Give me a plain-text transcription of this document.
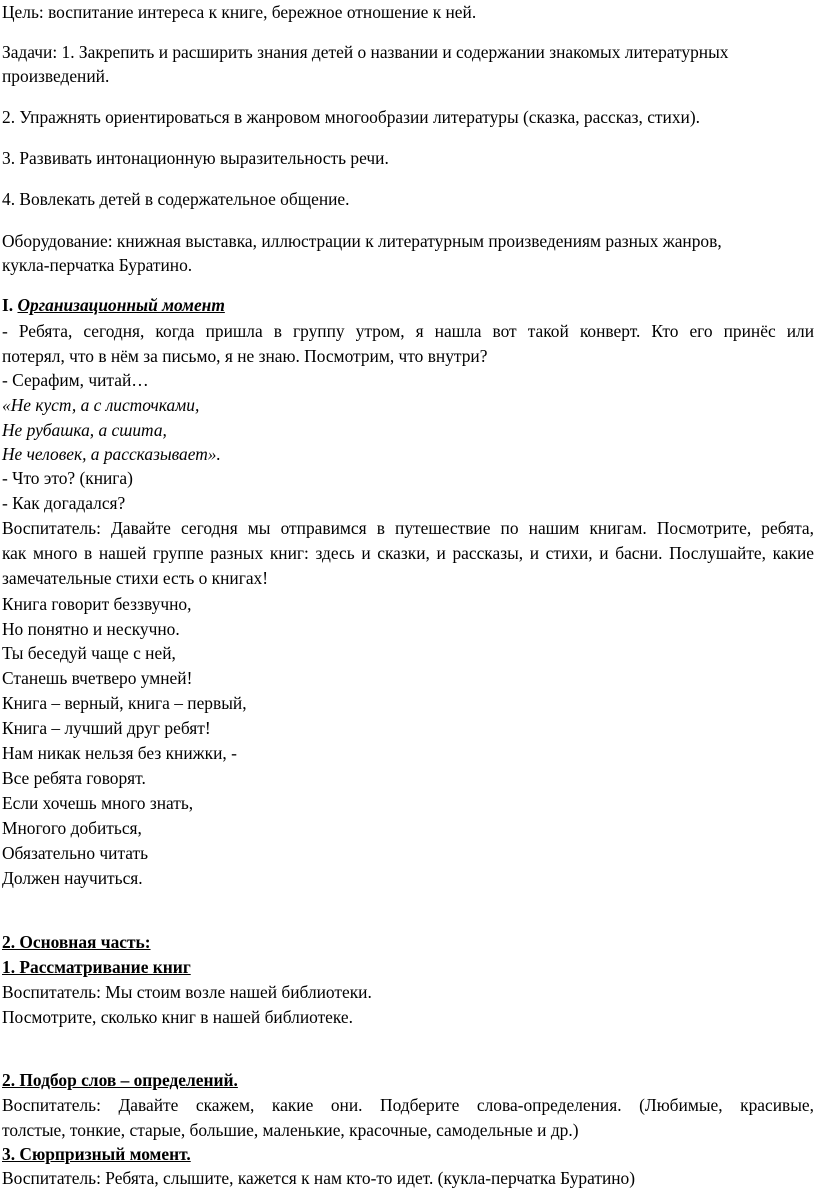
Цель: воспитание интереса к книге, бережное отношение к ней.
Задачи: 1. Закрепить и расширить знания детей о названии и содержании знакомых литературных
произведений.
2. Упражнять ориентироваться в жанровом многообразии литературы (сказка, рассказ, стихи).
3. Развивать интонационную выразительность речи.
4. Вовлекать детей в содержательное общение.
Оборудование: книжная выставка, иллюстрации к литературным произведениям разных жанров,
кукла-перчатка Буратино.
I. Организационный момент
- Ребята, сегодня, когда пришла в группу утром, я нашла вот такой конверт. Кто его принёс или
потерял, что в нём за письмо, я не знаю. Посмотрим, что внутри?
- Серафим, читай…
«Не куст, а с листочками,
Не рубашка, а сшита,
Не человек, а рассказывает».
- Что это? (книга)
- Как догадался?
Воспитатель: Давайте сегодня мы отправимся в путешествие по нашим книгам. Посмотрите, ребята,
как много в нашей группе разных книг: здесь и сказки, и рассказы, и стихи, и басни. Послушайте, какие
замечательные стихи есть о книгах!
Книга говорит беззвучно,
Но понятно и нескучно.
Ты беседуй чаще с ней,
Станешь вчетверо умней!
Книга – верный, книга – первый,
Книга – лучший друг ребят!
Нам никак нельзя без книжки, -
Все ребята говорят.
Если хочешь много знать,
Многого добиться,
Обязательно читать
Должен научиться.
2. Основная часть:
1. Рассматривание книг
Воспитатель: Мы стоим возле нашей библиотеки.
Посмотрите, сколько книг в нашей библиотеке.
2. Подбор слов – определений.
Воспитатель: Давайте скажем, какие они. Подберите слова-определения. (Любимые, красивые,
толстые, тонкие, старые, большие, маленькие, красочные, самодельные и др.)
3. Сюрпризный момент.
Воспитатель: Ребята, слышите, кажется к нам кто-то идет. (кукла-перчатка Буратино)
